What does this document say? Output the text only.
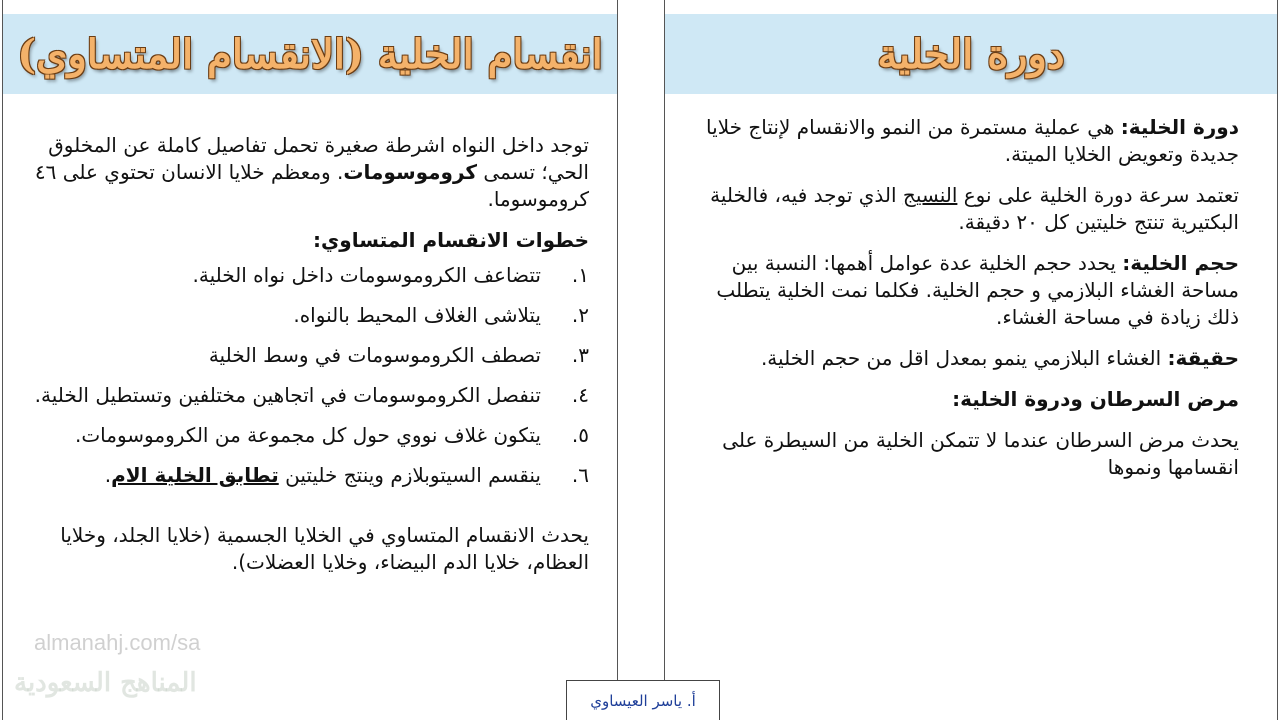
انقسام الخلية (الانقسام المتساوي)

توجد داخل النواه اشرطة صغيرة تحمل تفاصيل كاملة عن المخلوق الحي؛ تسمى كروموسومات. ومعظم خلايا الانسان تحتوي على ٤٦ كروموسوما.

خطوات الانقسام المتساوي:

١.
تتضاعف الكروموسومات داخل نواه الخلية.
٢.
يتلاشى الغلاف المحيط بالنواه.
٣.
تصطف الكروموسومات في وسط الخلية
٤.
تنفصل الكروموسومات في اتجاهين مختلفين وتستطيل الخلية.
٥.
يتكون غلاف نووي حول كل مجموعة من الكروموسومات.
٦.
ينقسم السيتوبلازم وينتج خليتين تطابق الخلية الام.

يحدث الانقسام المتساوي في الخلايا الجسمية (خلايا الجلد، وخلايا العظام، خلايا الدم البيضاء، وخلايا العضلات).

دورة الخلية

دورة الخلية: هي عملية مستمرة من النمو والانقسام لإنتاج خلايا جديدة وتعويض الخلايا الميتة.

تعتمد سرعة دورة الخلية على نوع النسيج الذي توجد فيه، فالخلية البكتيرية تنتج خليتين كل ٢٠ دقيقة.

حجم الخلية: يحدد حجم الخلية عدة عوامل أهمها: النسبة بين مساحة الغشاء البلازمي و حجم الخلية. فكلما نمت الخلية يتطلب ذلك زيادة في مساحة الغشاء.

حقيقة: الغشاء البلازمي ينمو بمعدل اقل من حجم الخلية.

مرض السرطان ودروة الخلية:

يحدث مرض السرطان عندما لا تتمكن الخلية من السيطرة على انقسامها ونموها

almanahj.com/sa
المناهج السعودية
أ. ياسر العيساوي
